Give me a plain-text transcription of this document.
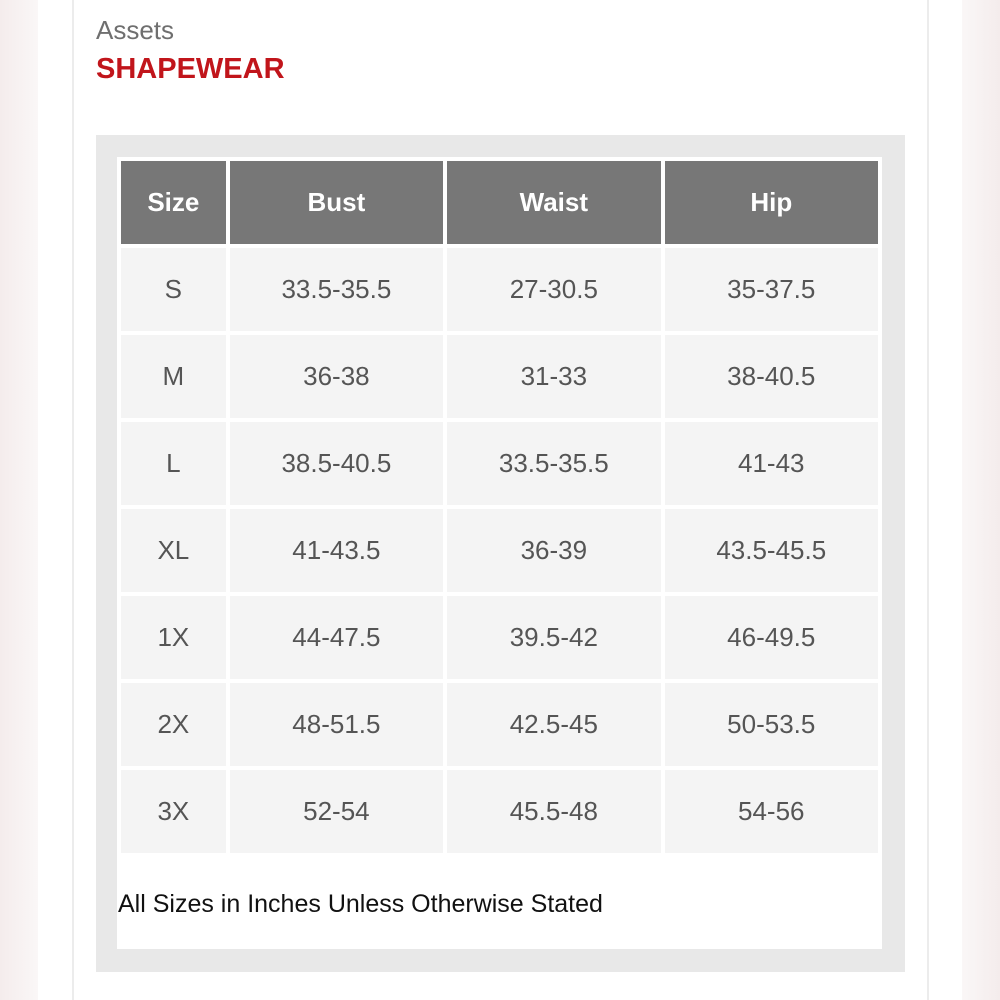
Assets
SHAPEWEAR
Size	Bust	Waist	Hip
S	33.5-35.5	27-30.5	35-37.5
M	36-38	31-33	38-40.5
L	38.5-40.5	33.5-35.5	41-43
XL	41-43.5	36-39	43.5-45.5
1X	44-47.5	39.5-42	46-49.5
2X	48-51.5	42.5-45	50-53.5
3X	52-54	45.5-48	54-56
All Sizes in Inches Unless Otherwise Stated
